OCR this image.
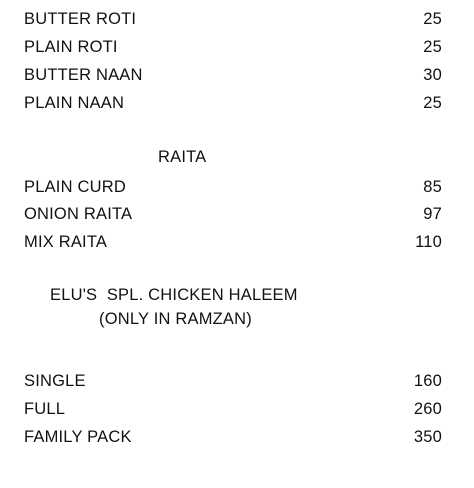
BUTTER ROTI	25
PLAIN ROTI	25
BUTTER NAAN	30
PLAIN NAAN	25
RAITA
PLAIN CURD	85
ONION RAITA	97
MIX RAITA	110
ELU'S  SPL. CHICKEN HALEEM
(ONLY IN RAMZAN)
SINGLE	160
FULL	260
FAMILY PACK	350
